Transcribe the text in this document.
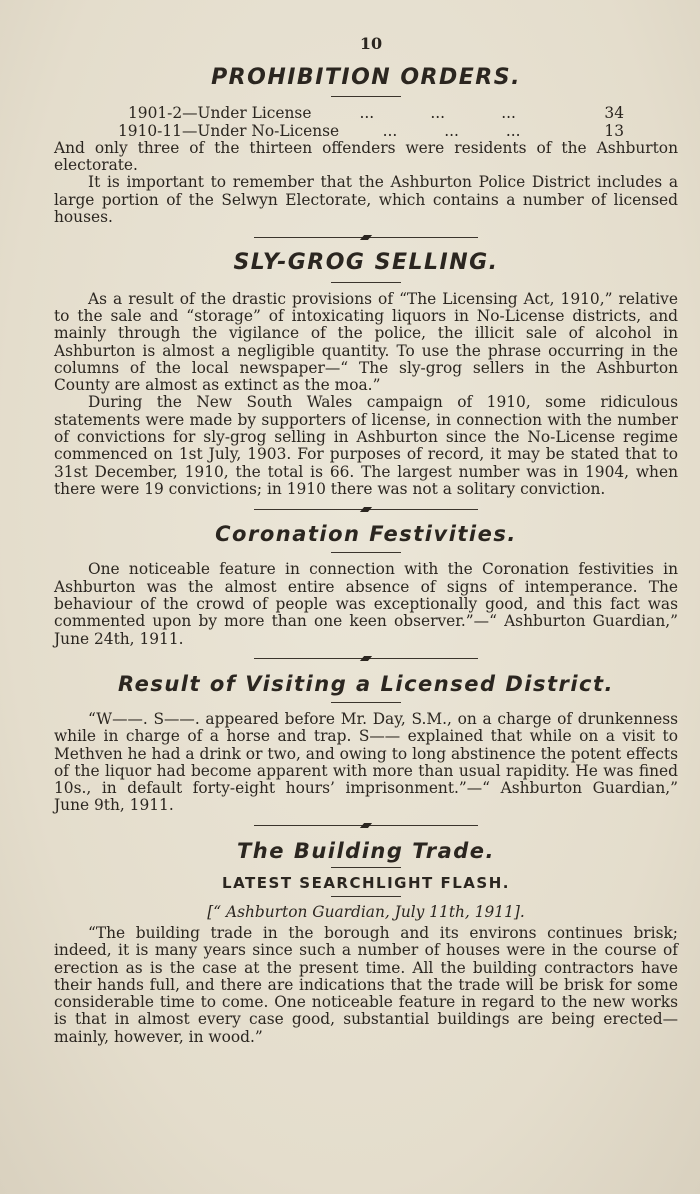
10
PROHIBITION ORDERS.
1901-2—Under License	...	...	...	34
1910-11—Under No-License	...	...	...	13

And only three of the thirteen offenders were residents of the Ashburton electorate.

It is important to remember that the Ashburton Police District includes a large portion of the Selwyn Electorate, which contains a number of licensed houses.

SLY-GROG SELLING.

As a result of the drastic provisions of “The Licensing Act, 1910,” relative to the sale and “storage” of intoxicating liquors in No-License districts, and mainly through the vigilance of the police, the illicit sale of alcohol in Ashburton is almost a negligible quantity. To use the phrase occurring in the columns of the local newspaper—“ The sly-grog sellers in the Ashburton County are almost as extinct as the moa.”

During the New South Wales campaign of 1910, some ridiculous statements were made by supporters of license, in connection with the number of convictions for sly-grog selling in Ashburton since the No-License regime commenced on 1st July, 1903. For purposes of record, it may be stated that to 31st December, 1910, the total is 66. The largest number was in 1904, when there were 19 convictions; in 1910 there was not a solitary conviction.

Coronation Festivities.

One noticeable feature in connection with the Coronation festivities in Ashburton was the almost entire absence of signs of intemperance. The behaviour of the crowd of people was exceptionally good, and this fact was commented upon by more than one keen observer.”—“ Ashburton Guardian,” June 24th, 1911.

Result of Visiting a Licensed District.

“W——. S——. appeared before Mr. Day, S.M., on a charge of drunkenness while in charge of a horse and trap. S—— explained that while on a visit to Methven he had a drink or two, and owing to long abstinence the potent effects of the liquor had become apparent with more than usual rapidity. He was fined 10s., in default forty-eight hours’ imprisonment.”—“ Ashburton Guardian,” June 9th, 1911.

The Building Trade.
LATEST SEARCHLIGHT FLASH.
[“ Ashburton Guardian, July 11th, 1911].

“The building trade in the borough and its environs continues brisk; indeed, it is many years since such a number of houses were in the course of erection as is the case at the present time. All the building contractors have their hands full, and there are indications that the trade will be brisk for some considerable time to come. One noticeable feature in regard to the new works is that in almost every case good, substantial buildings are being erected—mainly, however, in wood.”
